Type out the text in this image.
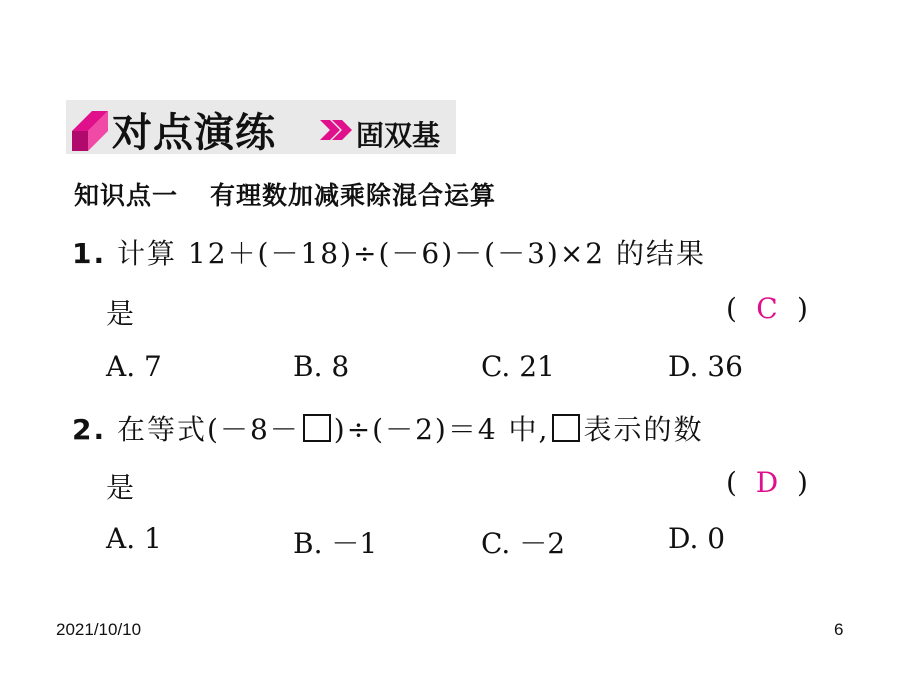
对点演练	固双基
知识点一 有理数加减乘除混合运算
1. 计算 12＋(－18)÷(－6)－(－3)×2 的结果
是	( C )
A. 7	B. 8	C. 21	D. 36
2. 在等式(－8－ )÷(－2)＝4 中, 表示的数
是	( D )
A. 1	B. －1	C. －2	D. 0
2021/10/10	6
